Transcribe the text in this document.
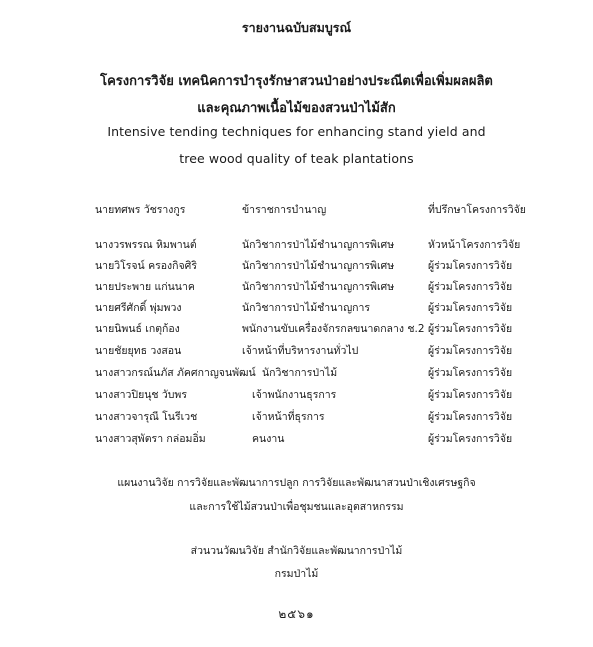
รายงานฉบับสมบูรณ์
โครงการวิจัย เทคนิคการบำรุงรักษาสวนป่าอย่างประณีตเพื่อเพิ่มผลผลิต
และคุณภาพเนื้อไม้ของสวนป่าไม้สัก
Intensive tending techniques for enhancing stand yield and
tree wood quality of teak plantations
นายทศพร วัชรางกูร	ข้าราชการบำนาญ	ที่ปรึกษาโครงการวิจัย
นางวรพรรณ หิมพานต์	นักวิชาการป่าไม้ชำนาญการพิเศษ	หัวหน้าโครงการวิจัย
นายวิโรจน์ ครองกิจศิริ	นักวิชาการป่าไม้ชำนาญการพิเศษ	ผู้ร่วมโครงการวิจัย
นายประพาย แก่นนาค	นักวิชาการป่าไม้ชำนาญการพิเศษ	ผู้ร่วมโครงการวิจัย
นายศรีศักดิ์ พุ่มพวง	นักวิชาการป่าไม้ชำนาญการ	ผู้ร่วมโครงการวิจัย
นายนิพนธ์ เกตุก้อง	พนักงานขับเครื่องจักรกลขนาดกลาง ช.2 ผู้ร่วมโครงการวิจัย
นายชัยยุทธ วงสอน	เจ้าหน้าที่บริหารงานทั่วไป	ผู้ร่วมโครงการวิจัย
นางสาวกรณ์นภัส ภัคศกาญจนพัฒน์ นักวิชาการป่าไม้	ผู้ร่วมโครงการวิจัย
นางสาวปิยนุช วับพร	เจ้าพนักงานธุรการ	ผู้ร่วมโครงการวิจัย
นางสาวจารุณี โนรีเวช	เจ้าหน้าที่ธุรการ	ผู้ร่วมโครงการวิจัย
นางสาวสุพัตรา กล่อมอิ่ม	คนงาน	ผู้ร่วมโครงการวิจัย
แผนงานวิจัย การวิจัยและพัฒนาการปลูก การวิจัยและพัฒนาสวนป่าเชิงเศรษฐกิจ
และการใช้ไม้สวนป่าเพื่อชุมชนและอุตสาหกรรม
ส่วนวนวัฒนวิจัย สำนักวิจัยและพัฒนาการป่าไม้
กรมป่าไม้
๒๕๖๑
